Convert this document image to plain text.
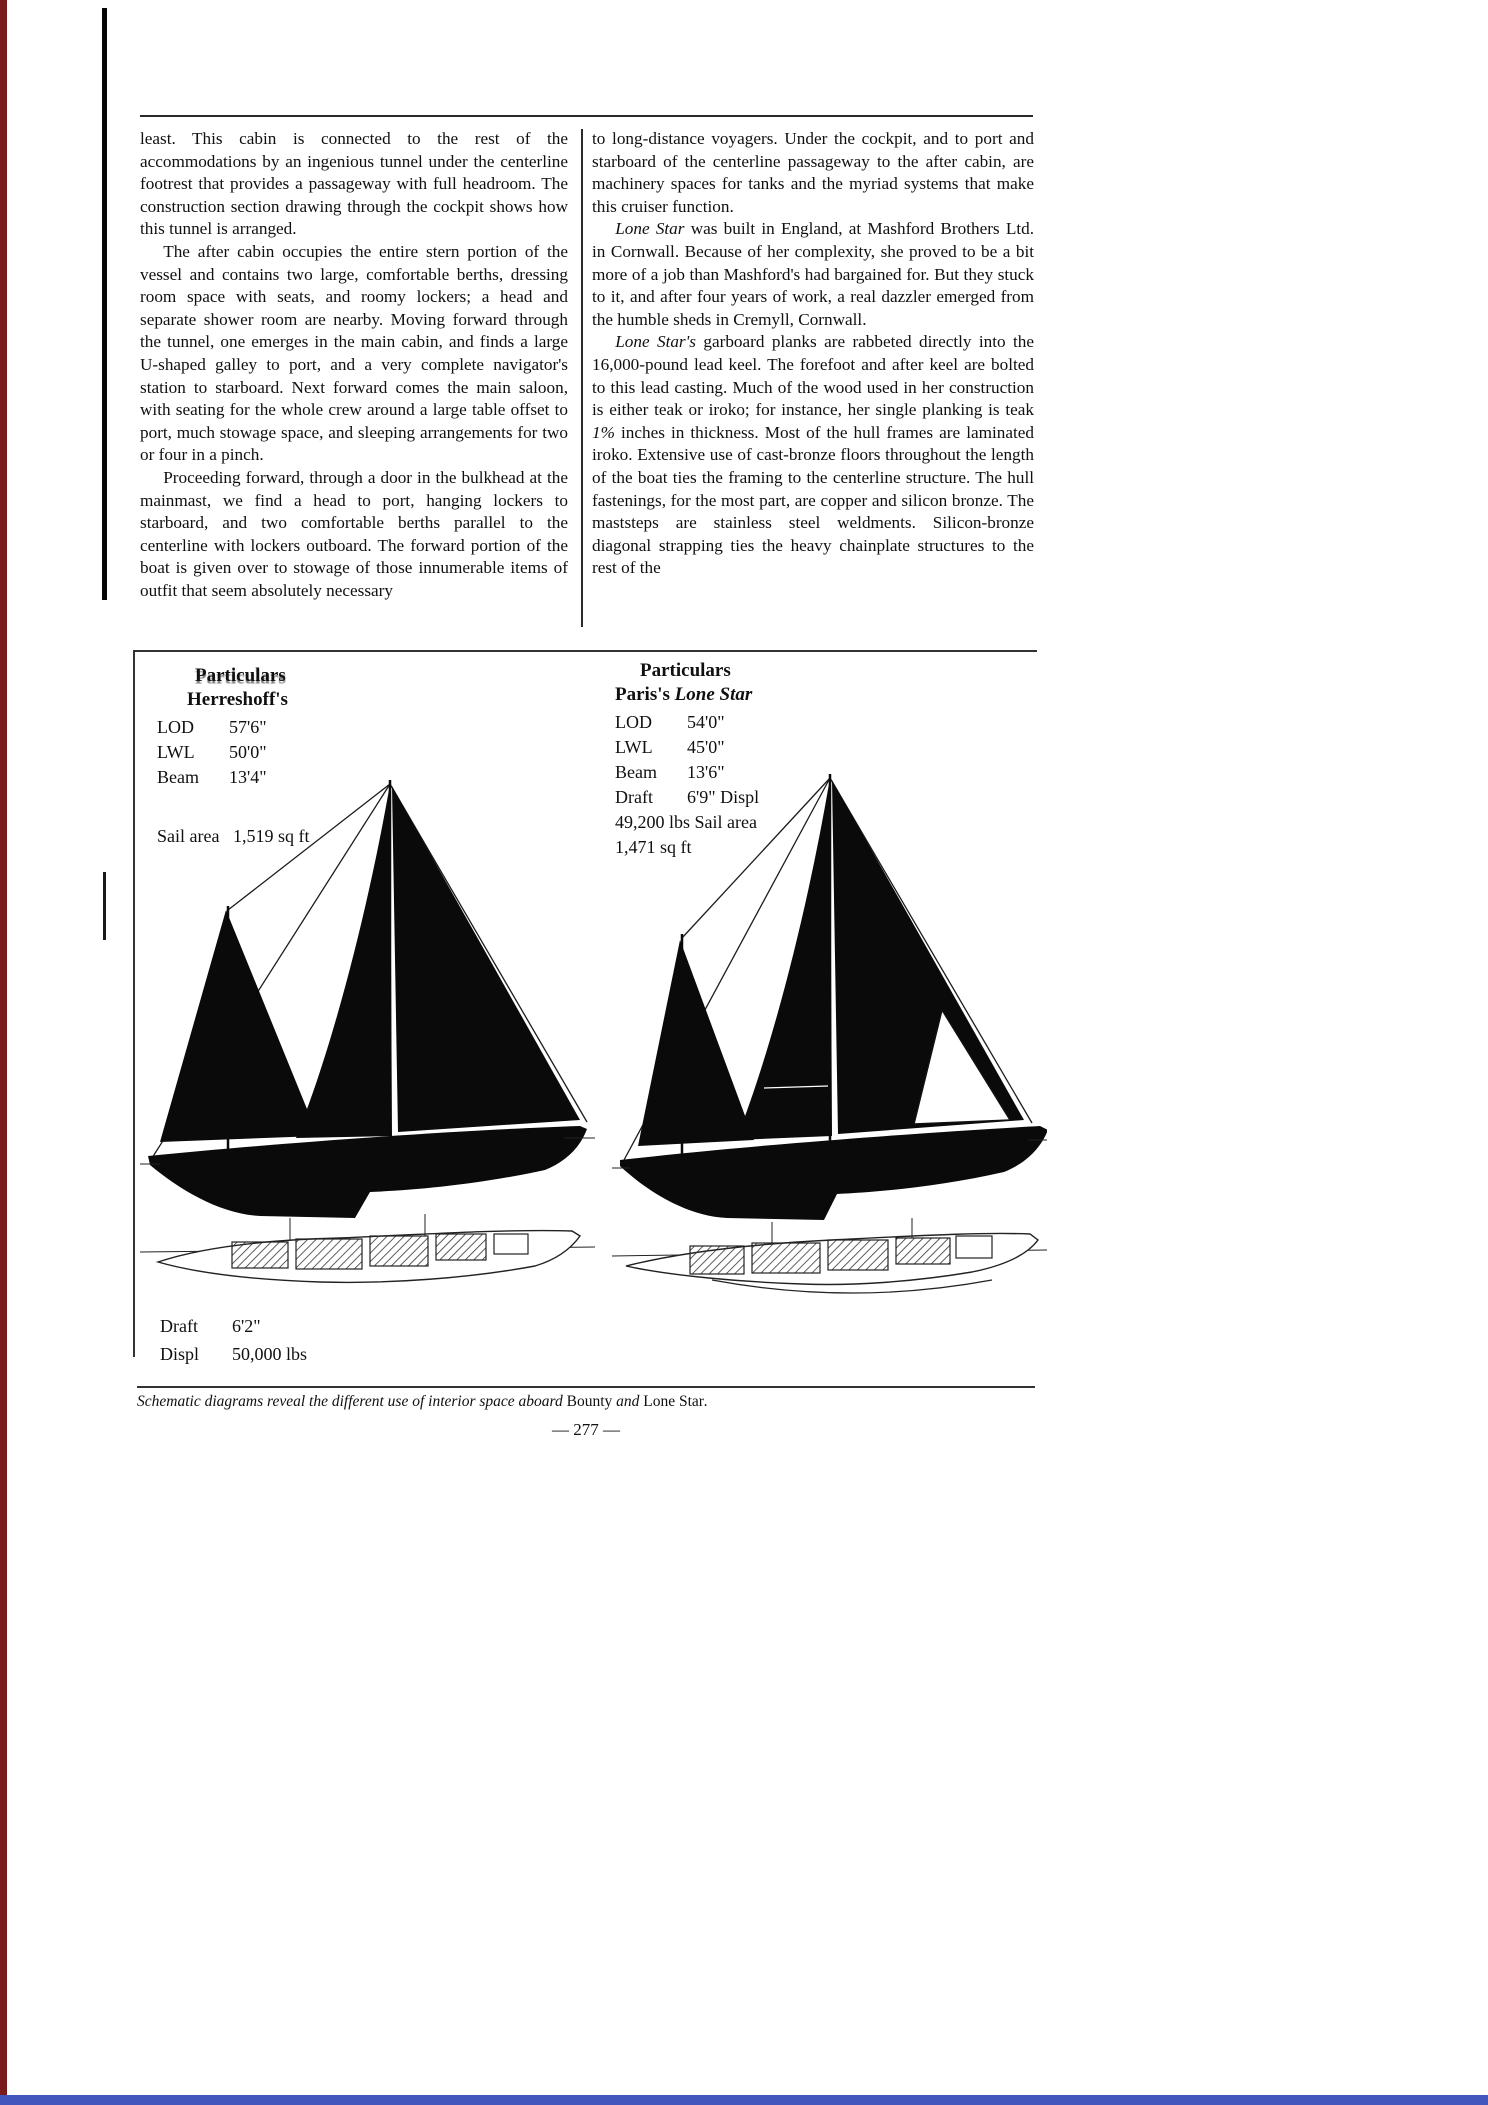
least. This cabin is connected to the rest of the accommodations by an ingenious tunnel under the centerline footrest that provides a passageway with full headroom. The construction section drawing through the cockpit shows how this tunnel is arranged.

The after cabin occupies the entire stern portion of the vessel and contains two large, comfortable berths, dressing room space with seats, and roomy lockers; a head and separate shower room are nearby. Moving forward through the tunnel, one emerges in the main cabin, and finds a large U-shaped galley to port, and a very complete navigator's station to starboard. Next forward comes the main saloon, with seating for the whole crew around a large table offset to port, much stowage space, and sleeping arrangements for two or four in a pinch.

Proceeding forward, through a door in the bulkhead at the mainmast, we find a head to port, hanging lockers to starboard, and two comfortable berths parallel to the centerline with lockers outboard. The forward portion of the boat is given over to stowage of those innumerable items of outfit that seem absolutely necessary

to long-distance voyagers. Under the cockpit, and to port and starboard of the centerline passageway to the after cabin, are machinery spaces for tanks and the myriad systems that make this cruiser function.

Lone Star was built in England, at Mashford Brothers Ltd. in Cornwall. Because of her complexity, she proved to be a bit more of a job than Mashford's had bargained for. But they stuck to it, and after four years of work, a real dazzler emerged from the humble sheds in Cremyll, Cornwall.

Lone Star's garboard planks are rabbeted directly into the 16,000-pound lead keel. The forefoot and after keel are bolted to this lead casting. Much of the wood used in her construction is either teak or iroko; for instance, her single planking is teak 1% inches in thickness. Most of the hull frames are laminated iroko. Extensive use of cast-bronze floors throughout the length of the boat ties the framing to the centerline structure. The hull fastenings, for the most part, are copper and silicon bronze. The maststeps are stainless steel weldments. Silicon-bronze diagonal strapping ties the heavy chainplate structures to the rest of the

Particulars
Herreshoff's
LOD	57'6"
LWL	50'0"
Beam	13'4"
Sail area 1,519 sq ft
Particulars
Paris's Lone Star
LOD	54'0"
LWL	45'0"
Beam	13'6"
Draft	6'9" Displ
49,200 lbs Sail area
1,471 sq ft
Draft	6'2"
Displ	50,000 lbs
Schematic diagrams reveal the different use of interior space aboard Bounty and Lone Star.
— 277 —
